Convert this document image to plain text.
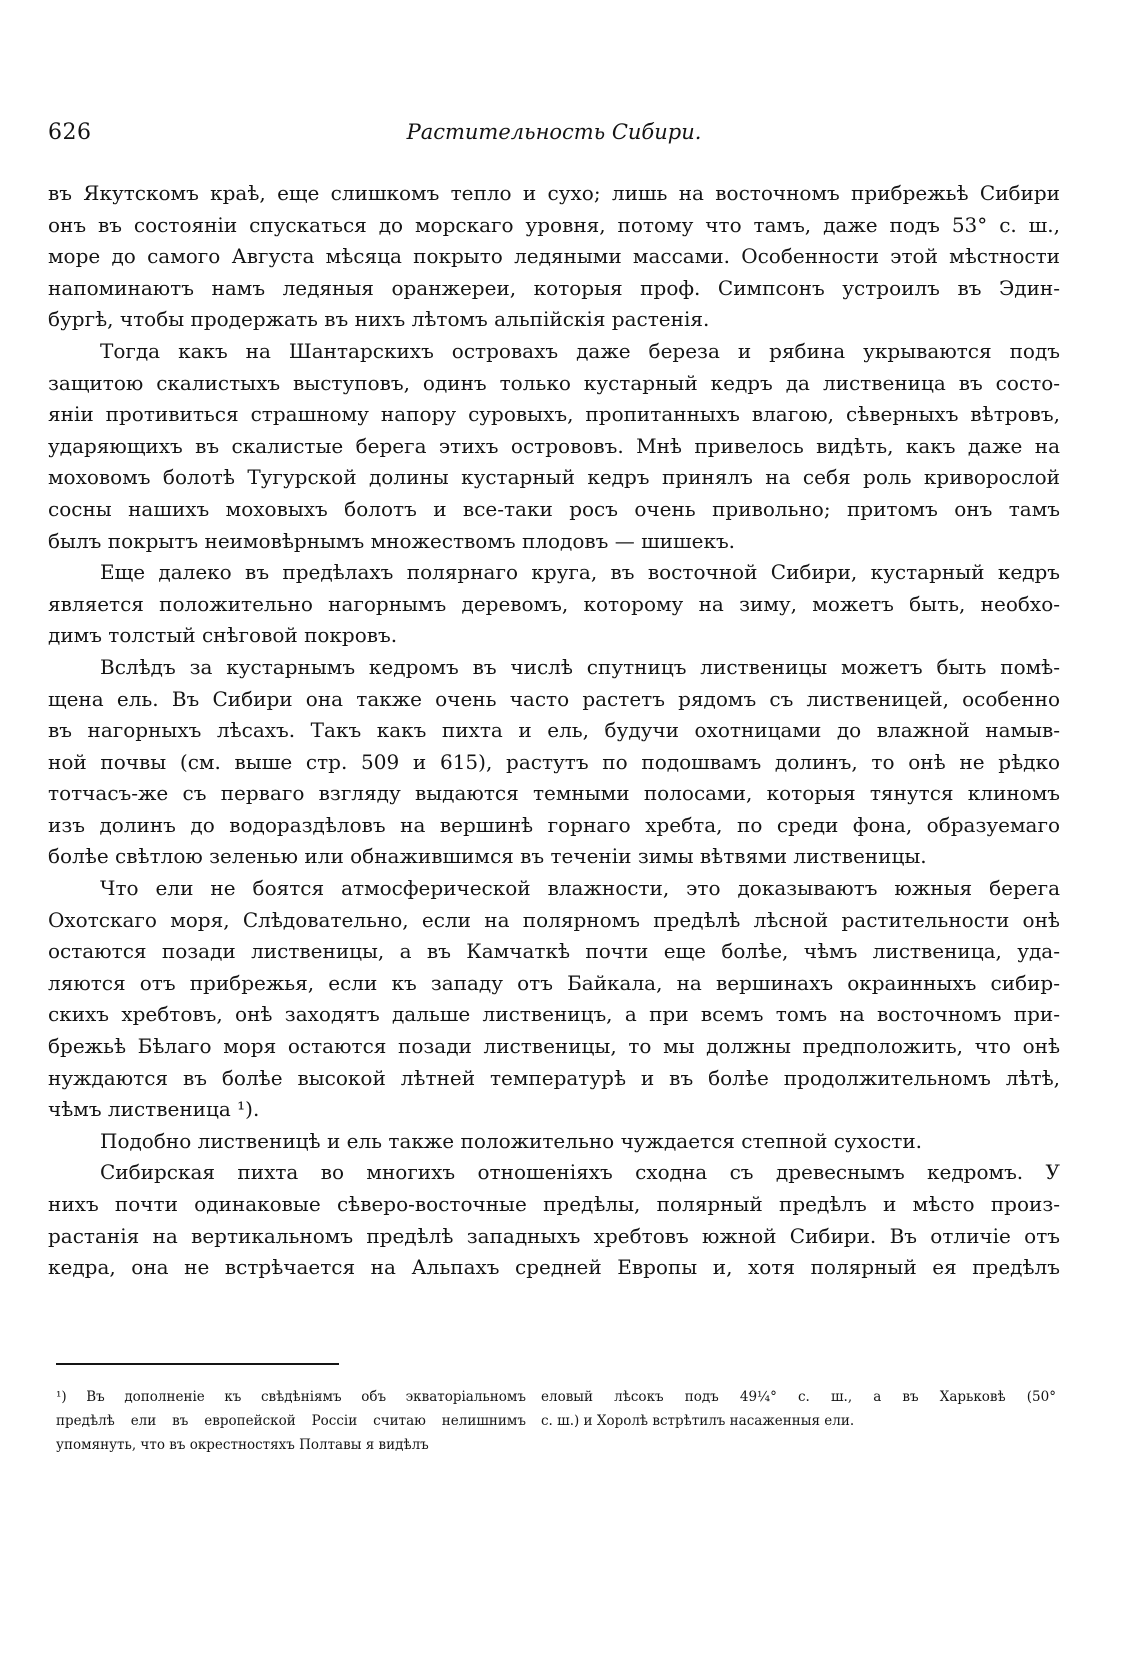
626	Растительность Сибири.
въ Якутскомъ краѣ, еще слишкомъ тепло и сухо; лишь на восточномъ прибрежьѣ Сибири
онъ въ состояніи спускаться до морскаго уровня, потому что тамъ, даже подъ 53° с. ш.,
море до самого Августа мѣсяца покрыто ледяными массами. Особенности этой мѣстности
напоминаютъ намъ ледяныя оранжереи, которыя проф. Симпсонъ устроилъ въ Эдин-
бургѣ, чтобы продержать въ нихъ лѣтомъ альпійскія растенія.
Тогда какъ на Шантарскихъ островахъ даже береза и рябина укрываются подъ
защитою скалистыхъ выступовъ, одинъ только кустарный кедръ да лиственица въ состо-
яніи противиться страшному напору суровыхъ, пропитанныхъ влагою, сѣверныхъ вѣтровъ,
ударяющихъ въ скалистые берега этихъ острововъ. Мнѣ привелось видѣть, какъ даже на
моховомъ болотѣ Тугурской долины кустарный кедръ принялъ на себя роль криворослой
сосны нашихъ моховыхъ болотъ и все-таки росъ очень привольно; притомъ онъ тамъ
былъ покрытъ неимовѣрнымъ множествомъ плодовъ — шишекъ.
Еще далеко въ предѣлахъ полярнаго круга, въ восточной Сибири, кустарный кедръ
является положительно нагорнымъ деревомъ, которому на зиму, можетъ быть, необхо-
димъ толстый снѣговой покровъ.
Вслѣдъ за кустарнымъ кедромъ въ числѣ спутницъ лиственицы можетъ быть помѣ-
щена ель. Въ Сибири она также очень часто растетъ рядомъ съ лиственицей, особенно
въ нагорныхъ лѣсахъ. Такъ какъ пихта и ель, будучи охотницами до влажной намыв-
ной почвы (см. выше стр. 509 и 615), растутъ по подошвамъ долинъ, то онѣ не рѣдко
тотчасъ-же съ перваго взгляду выдаются темными полосами, которыя тянутся клиномъ
изъ долинъ до водораздѣловъ на вершинѣ горнаго хребта, по среди фона, образуемаго
болѣе свѣтлою зеленью или обнажившимся въ теченіи зимы вѣтвями лиственицы.
Что ели не боятся атмосферической влажности, это доказываютъ южныя берега
Охотскаго моря, Слѣдовательно, если на полярномъ предѣлѣ лѣсной растительности онѣ
остаются позади лиственицы, а въ Камчаткѣ почти еще болѣе, чѣмъ лиственица, уда-
ляются отъ прибрежья, если къ западу отъ Байкала, на вершинахъ окраинныхъ сибир-
скихъ хребтовъ, онѣ заходятъ дальше лиственицъ, а при всемъ томъ на восточномъ при-
брежьѣ Бѣлаго моря остаются позади лиственицы, то мы должны предположить, что онѣ
нуждаются въ болѣе высокой лѣтней температурѣ и въ болѣе продолжительномъ лѣтѣ,
чѣмъ лиственица ¹).
Подобно лиственицѣ и ель также положительно чуждается степной сухости.
Сибирская пихта во многихъ отношеніяхъ сходна съ древеснымъ кедромъ. У
нихъ почти одинаковые сѣверо-восточные предѣлы, полярный предѣлъ и мѣсто произ-
растанія на вертикальномъ предѣлѣ западныхъ хребтовъ южной Сибири. Въ отличіе отъ
кедра, она не встрѣчается на Альпахъ средней Европы и, хотя полярный ея предѣлъ
¹) Въ дополненіе къ свѣдѣніямъ объ экваторіальномъ
предѣлѣ ели въ европейской Россіи считаю нелишнимъ
упомянуть, что въ окрестностяхъ Полтавы я видѣлъ
еловый лѣсокъ подъ 49¼° с. ш., а въ Харьковѣ (50°
с. ш.) и Хоролѣ встрѣтилъ насаженныя ели.
